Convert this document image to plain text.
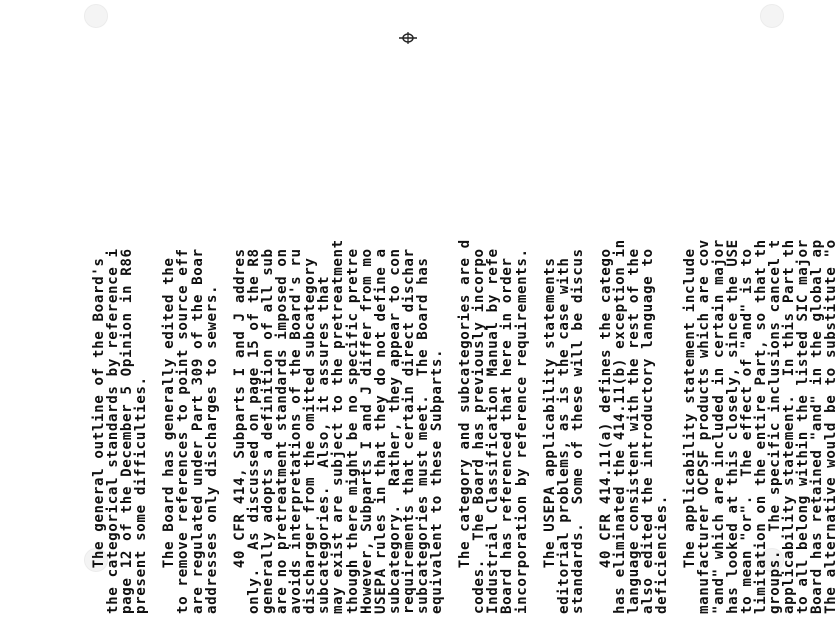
The general outline of the Board's
the categorical standards by reference i
page 12 of the December 5 Opinion in R86
present some difficulties. The Board has generally edited the
to remove references to point source eff
are regulated under Part 309 of the Boar
addresses only discharges to sewers. 40 CFR 414, Subparts I and J addres
only.  As discussed on page 15 of the R8
generally adopts a definition of all sub
are no pretreatment standards imposed on
avoids interpretations of the Board's ru
discharger from the omitted subcategory
subcategories.  Also, it assures that
may exist are subject to the pretreatment
though there might be no specific pretre
However, Subparts I and J differ from mo
USEPA rules in that they do not define a
subcategory.  Rather, they appear to con
requirements that certain direct dischar
subcategories must meet.  The Board has
equivalent to these Subparts. The category and subcategories are d
codes.  The Board has previously incorpo
Industrial Classification Manual by refe
Board has referenced that here in order
incorporation by reference requirements. The USEPA applicability statements
editorial problems, as is the case with
standards.  Some of these will be discus 40 CFR 414.11(a) defines the catego
has eliminated the 414.11(b) exception in
language consistent with the rest of the
also edited the introductory language to
deficiencies. The applicability statement include
manufacturer OCPSF products which are cov
"and" which are included in certain major
has looked at this closely, since the USE
to mean "or".  The effect of "and" is to
limitation on the entire Part, so that th
groups.  The specific inclusions cancel t
applicability statement.  In this Part th
to all belong within the listed SIC major
Board has retained "and" in the global ap
The alternative would be to substitute "o
